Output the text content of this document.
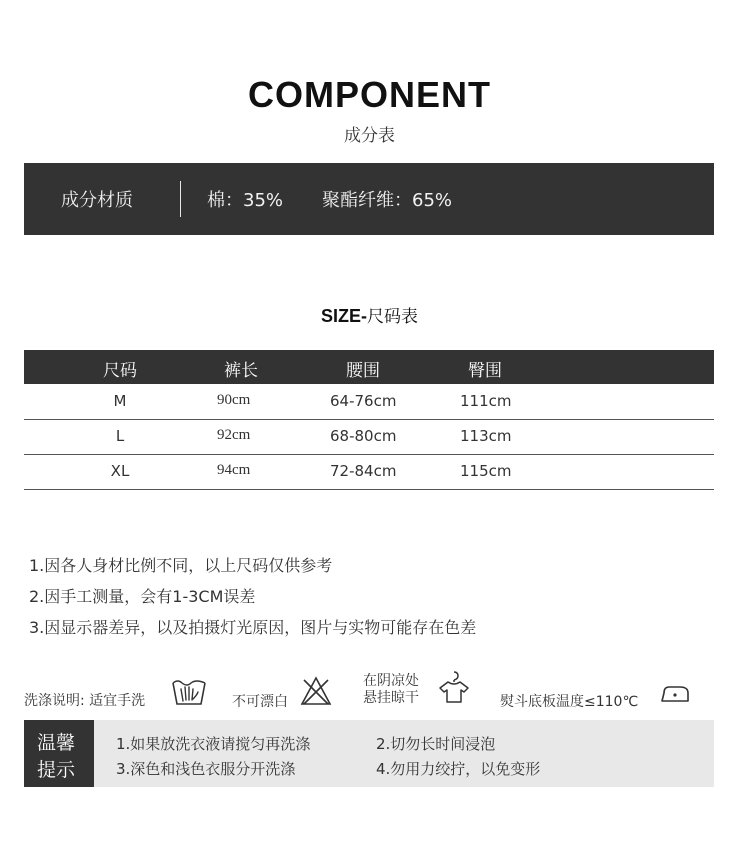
COMPONENT
成分表
成分材质	棉：35% 聚酯纤维：65%
SIZE-尺码表
尺码	裤长	腰围	臀围
M	90cm	64-76cm	111cm
L	92cm	68-80cm	113cm
XL	94cm	72-84cm	115cm
1.因各人身材比例不同，以上尺码仅供参考
2.因手工测量，会有1-3CM误差
3.因显示器差异，以及拍摄灯光原因，图片与实物可能存在色差
洗涤说明: 适宜手洗	不可漂白
在阴凉处
悬挂晾干	熨斗底板温度≤110℃
温馨
提示
1.如果放洗衣液请搅匀再洗涤	2.切勿长时间浸泡
3.深色和浅色衣服分开洗涤	4.勿用力绞拧，以免变形
